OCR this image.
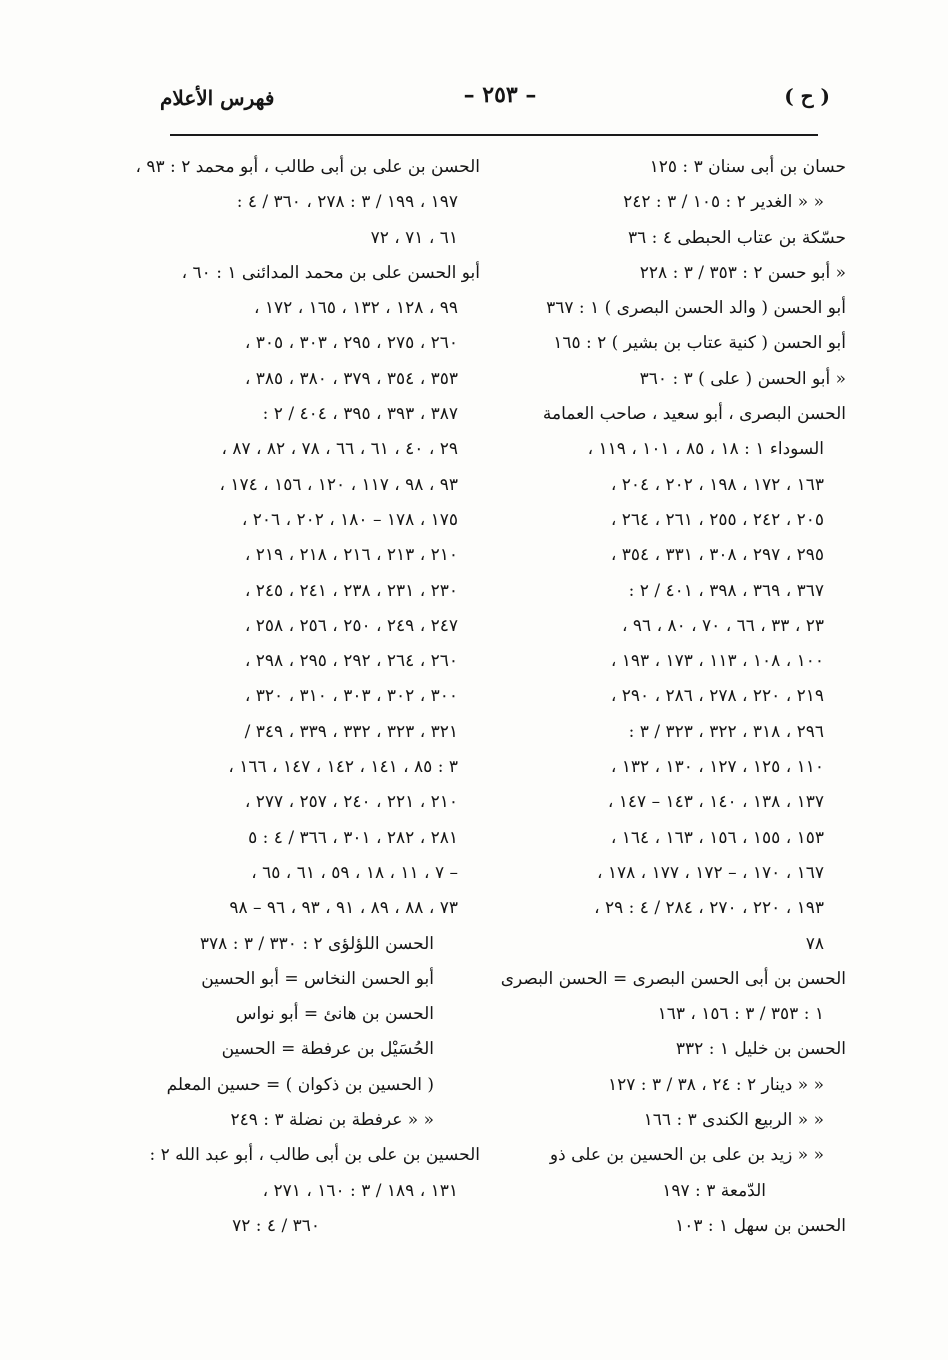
( ح )
– ٢٥٣ –
فهرس الأعلام
حسان بن أبى سنان ٣ : ١٢٥
« « الغدير ٢ : ١٠٥ / ٣ : ٢٤٢
حسّكة بن عتاب الحبطى ٤ : ٣٦
« أبو حسن ٢ : ٣٥٣ / ٣ : ٢٢٨
أبو الحسن ( والد الحسن البصرى ) ١ : ٣٦٧
أبو الحسن ( كنية عتاب بن بشير ) ٢ : ١٦٥
« أبو الحسن ( على ) ٣ : ٣٦٠
الحسن البصرى ، أبو سعيد ، صاحب العمامة
السوداء ١ : ١٨ ، ٨٥ ، ١٠١ ، ١١٩ ،
١٦٣ ، ١٧٢ ، ١٩٨ ، ٢٠٢ ، ٢٠٤ ،
٢٠٥ ، ٢٤٢ ، ٢٥٥ ، ٢٦١ ، ٢٦٤ ،
٢٩٥ ، ٢٩٧ ، ٣٠٨ ، ٣٣١ ، ٣٥٤ ،
٣٦٧ ، ٣٦٩ ، ٣٩٨ ، ٤٠١ / ٢ :
٢٣ ، ٣٣ ، ٦٦ ، ٧٠ ، ٨٠ ، ٩٦ ،
١٠٠ ، ١٠٨ ، ١١٣ ، ١٧٣ ، ١٩٣ ،
٢١٩ ، ٢٢٠ ، ٢٧٨ ، ٢٨٦ ، ٢٩٠ ،
٢٩٦ ، ٣١٨ ، ٣٢٢ ، ٣٢٣ / ٣ :
١١٠ ، ١٢٥ ، ١٢٧ ، ١٣٠ ، ١٣٢ ،
١٣٧ ، ١٣٨ ، ١٤٠ ، ١٤٣ – ١٤٧ ،
١٥٣ ، ١٥٥ ، ١٥٦ ، ١٦٣ ، ١٦٤ ،
١٦٧ ، ١٧٠ ، – ١٧٢ ، ١٧٧ ، ١٧٨ ،
١٩٣ ، ٢٢٠ ، ٢٧٠ ، ٢٨٤ / ٤ : ٢٩ ،
٧٨
الحسن بن أبى الحسن البصرى = الحسن البصرى
١ : ٣٥٣ / ٣ : ١٥٦ ، ١٦٣
الحسن بن خليل ١ : ٣٣٢
« « دينار ٢ : ٢٤ ، ٣٨ / ٣ : ١٢٧
« « الربيع الكندى ٣ : ١٦٦
« « زيد بن على بن الحسين بن على ذو
الدّمعة ٣ : ١٩٧
الحسن بن سهل ١ : ١٠٣
الحسن بن على بن أبى طالب ، أبو محمد ٢ : ٩٣ ،
١٩٧ ، ١٩٩ / ٣ : ٢٧٨ ، ٣٦٠ / ٤ :
٦١ ، ٧١ ، ٧٢
أبو الحسن على بن محمد المدائنى ١ : ٦٠ ،
٩٩ ، ١٢٨ ، ١٣٢ ، ١٦٥ ، ١٧٢ ،
٢٦٠ ، ٢٧٥ ، ٢٩٥ ، ٣٠٣ ، ٣٠٥ ،
٣٥٣ ، ٣٥٤ ، ٣٧٩ ، ٣٨٠ ، ٣٨٥ ،
٣٨٧ ، ٣٩٣ ، ٣٩٥ ، ٤٠٤ / ٢ :
٢٩ ، ٤٠ ، ٦١ ، ٦٦ ، ٧٨ ، ٨٢ ، ٨٧ ،
٩٣ ، ٩٨ ، ١١٧ ، ١٢٠ ، ١٥٦ ، ١٧٤ ،
١٧٥ ، ١٧٨ – ١٨٠ ، ٢٠٢ ، ٢٠٦ ،
٢١٠ ، ٢١٣ ، ٢١٦ ، ٢١٨ ، ٢١٩ ،
٢٣٠ ، ٢٣١ ، ٢٣٨ ، ٢٤١ ، ٢٤٥ ،
٢٤٧ ، ٢٤٩ ، ٢٥٠ ، ٢٥٦ ، ٢٥٨ ،
٢٦٠ ، ٢٦٤ ، ٢٩٢ ، ٢٩٥ ، ٢٩٨ ،
٣٠٠ ، ٣٠٢ ، ٣٠٣ ، ٣١٠ ، ٣٢٠ ،
٣٢١ ، ٣٢٣ ، ٣٣٢ ، ٣٣٩ ، ٣٤٩ /
٣ : ٨٥ ، ١٤١ ، ١٤٢ ، ١٤٧ ، ١٦٦ ،
٢١٠ ، ٢٢١ ، ٢٤٠ ، ٢٥٧ ، ٢٧٧ ،
٢٨١ ، ٢٨٢ ، ٣٠١ ، ٣٦٦ / ٤ : ٥
– ٧ ، ١١ ، ١٨ ، ٥٩ ، ٦١ ، ٦٥ ،
٧٣ ، ٨٨ ، ٨٩ ، ٩١ ، ٩٣ ، ٩٦ – ٩٨
الحسن اللؤلؤى ٢ : ٣٣٠ / ٣ : ٣٧٨
أبو الحسن النخاس = أبو الحسين
الحسن بن هانئ = أبو نواس
الحُسَيْل بن عرفطة = الحسين
( الحسين بن ذكوان ) = حسين المعلم
« « عرفطة بن نضلة ٣ : ٢٤٩
الحسين بن على بن أبى طالب ، أبو عبد الله ٢ :
١٣١ ، ١٨٩ / ٣ : ١٦٠ ، ٢٧١ ،
٣٦٠ / ٤ : ٧٢
